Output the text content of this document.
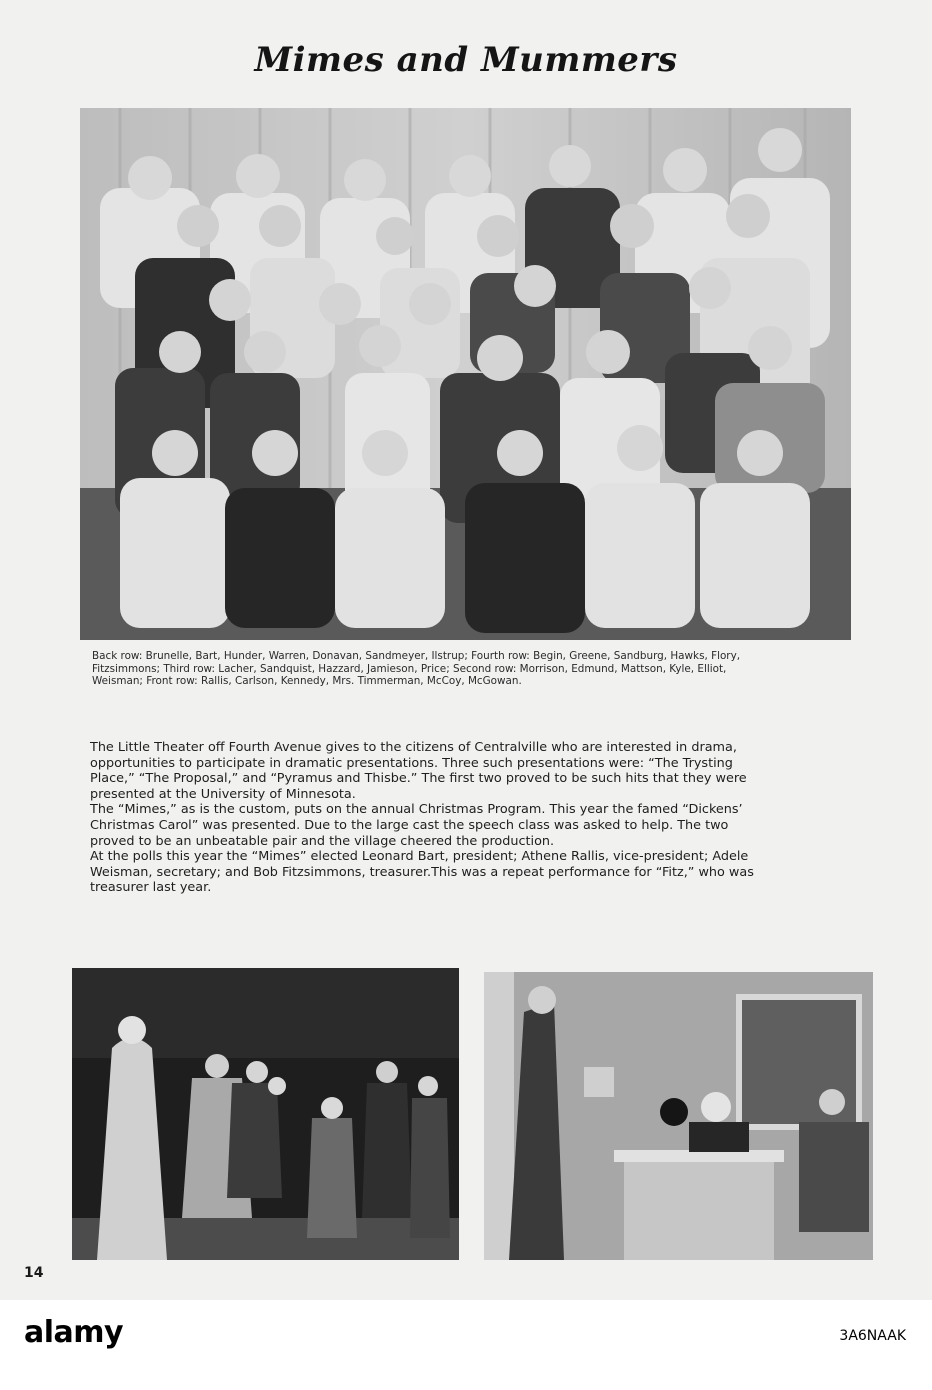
Mimes and Mummers
Back row: Brunelle, Bart, Hunder, Warren, Donavan, Sandmeyer, Ilstrup; Fourth row: Begin, Greene, Sandburg, Hawks, Flory,
Fitzsimmons; Third row: Lacher, Sandquist, Hazzard, Jamieson, Price; Second row: Morrison, Edmund, Mattson, Kyle, Elliot,
Weisman; Front row: Rallis, Carlson, Kennedy, Mrs. Timmerman, McCoy, McGowan.
The Little Theater off Fourth Avenue gives to the citizens of Centralville who are interested in drama,
opportunities to participate in dramatic presentations. Three such presentations were: “The Trysting
Place,” “The Proposal,” and “Pyramus and Thisbe.” The first two proved to be such hits that they were
presented at the University of Minnesota.
The “Mimes,” as is the custom, puts on the annual Christmas Program. This year the famed “Dickens’
Christmas Carol” was presented. Due to the large cast the speech class was asked to help. The two
proved to be an unbeatable pair and the village cheered the production.
At the polls this year the “Mimes” elected Leonard Bart, president; Athene Rallis, vice-president; Adele
Weisman, secretary; and Bob Fitzsimmons, treasurer.This was a repeat performance for “Fitz,” who was
treasurer last year.
14
alamy	3A6NAAK
